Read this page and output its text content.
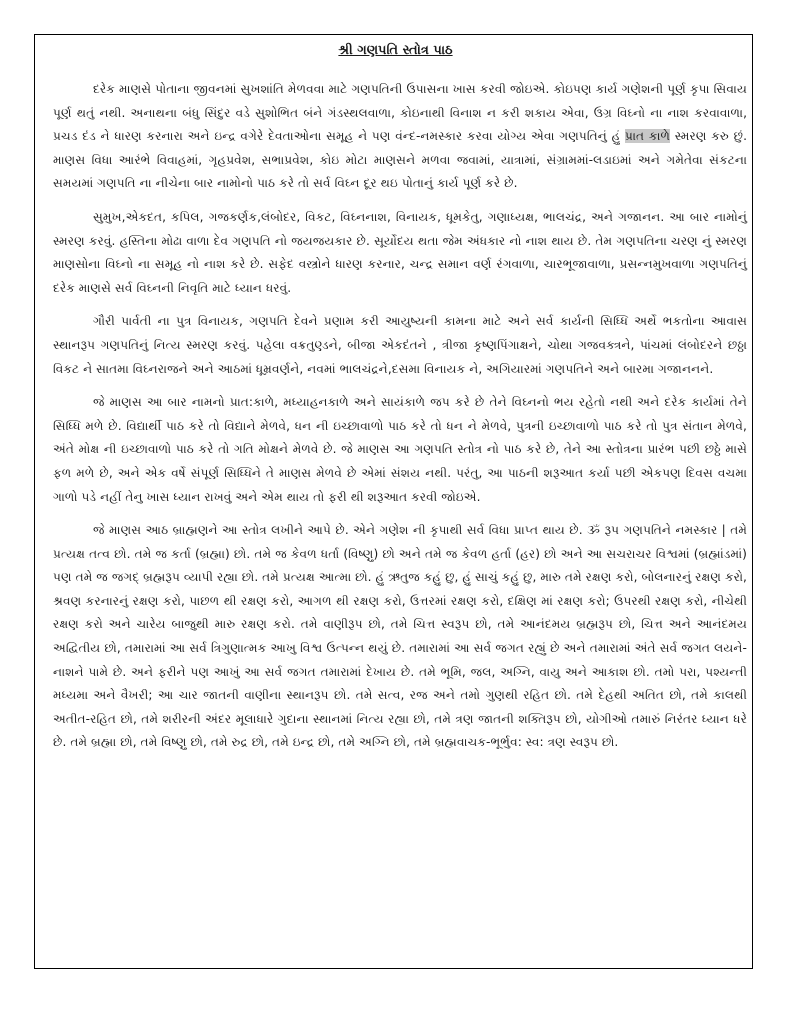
શ્રી ગણપતિ સ્તોત્ર પાઠ

દરેક માણસે પોતાના જીવનમાં સુખશાંતિ મેળવવા માટે ગણપતિની ઉપાસના ખાસ કરવી જોઇએ. કોઇપણ કાર્ય ગણેશની પૂર્ણ કૃપા સિવાય પૂર્ણ થતું નથી. અનાથના બંધુ સિંદુર વડે સુશોભિત બંને ગંડસ્થલવાળા, કોઇનાથી વિનાશ ન કરી શકાય એવા, ઉગ્ર વિઘ્નો ના નાશ કરવાવાળા, પ્રચડ દંડ ને ધારણ કરનારા અને ઇન્દ્ર વગેરે દેવતાઓના સમૂહ ને પણ વંન્દ-નમસ્કાર કરવા યોગ્ય એવા ગણપતિનું હું પ્રાત કાળે સ્મરણ કરુ છું. માણસ વિધા આરંભે વિવાહમાં, ગૃહપ્રવેશ, સભાપ્રવેશ, કોઇ મોટા માણસને મળવા જવામાં, યાત્રામાં, સંગ્રામમાં-લડાઇમાં અને ગમેતેવા સંકટના સમયમાં ગણપતિ ના નીચેના બાર નામોનો પાઠ કરે તો સર્વ વિઘ્ન દૂર થઇ પોતાનું કાર્ય પૂર્ણ કરે છે.

સુમુખ,એકદત, કપિલ, ગજકર્ણક,લંબોદર, વિકટ, વિઘ્નનાશ, વિનાયક, ધૂમકેતુ, ગણાધ્યક્ષ, ભાલચંદ્ર, અને ગજાનન. આ બાર નામોનું સ્મરણ કરવું. હસ્તિના મોઢા વાળા દેવ ગણપતિ નો જયજયકાર છે. સૂર્યોદય થતા જેમ અંધકાર નો નાશ થાય છે. તેમ ગણપતિના ચરણ નું સ્મરણ માણસોના વિઘ્નો ના સમૂહ નો નાશ કરે છે. સફેદ વસ્ત્રોને ધારણ કરનાર, ચન્દ્ર સમાન વર્ણ રંગવાળા, ચારભૂજાવાળા, પ્રસન્નમુખવાળા ગણપતિનું દરેક માણસે સર્વ વિઘ્નની નિવૃતિ માટે ધ્યાન ધરવું.

ગૌરી પાર્વતી ના પુત્ર વિનાયક, ગણપતિ દેવને પ્રણામ કરી આયુષ્યની કામના માટે અને સર્વ કાર્યની સિધ્ધિ અર્થે ભકતોના આવાસ સ્થાનરૂપ ગણપતિનું નિત્ય સ્મરણ કરવું. પહેલા વક્રતુણ્ડને, બીજા એકદંતને , ત્રીજા કૃષ્ણપિંગાક્ષને, ચોથા ગજવક્ત્રને, પાંચમાં લંબોદરને છઠ્ઠા વિકટ ને સાતમા વિઘ્નરાજને અને આઠમાં ધૂમ્રવર્ણને, નવમાં ભાલચંદ્રને,દસમા વિનાયક ને, અગિયારમાં ગણપતિને અને બારમા ગજાનનને.

જે માણસ આ બાર નામનો પ્રાત:કાળે, મધ્યાહનકાળે અને સાયંકાળે જપ કરે છે તેને વિઘ્નનો ભય રહેતો નથી અને દરેક કાર્યમાં તેને સિધ્ધિ મળે છે. વિદ્યાર્થી પાઠ કરે તો વિદ્યાને મેળવે, ધન ની ઇચ્છાવાળો પાઠ કરે તો ધન ને મેળવે, પુત્રની ઇચ્છાવાળો પાઠ કરે તો પુત્ર સંતાન મેળવે, અંતે મોક્ષ ની ઇચ્છાવાળો પાઠ કરે તો ગતિ મોક્ષને મેળવે છે. જે માણસ આ ગણપતિ સ્તોત્ર નો પાઠ કરે છે, તેને આ સ્તોત્રના પ્રારંભ પછી છઠ્ઠે માસે ફળ મળે છે, અને એક વર્ષે સંપૂર્ણ સિધ્ધિને તે માણસ મેળવે છે એમાં સંશય નથી. પરંતુ, આ પાઠની શરૂઆત કર્યા પછી એકપણ દિવસ વચમા ગાળો પડે નહીં તેનુ ખાસ ધ્યાન રાખવું અને એમ થાય તો ફરી થી શરૂઆત કરવી જોઇએ.

જે માણસ આઠ બ્રાહ્મણને આ સ્તોત્ર લખીને આપે છે. એને ગણેશ ની કૃપાથી સર્વ વિધા પ્રાપ્ત થાય છે. ૐ રૂપ ગણપતિને નમસ્કાર | તમે પ્રત્યક્ષ તત્વ છો. તમે જ કર્તા (બ્રહ્મા) છો. તમે જ કેવળ ધર્તા (વિષ્ણુ) છો અને તમે જ કેવળ હર્તા (હર) છો અને આ સચરાચર વિશ્વમાં (બ્રહ્માંડમાં) પણ તમે જ જગદ્ બ્રહ્મરૂપ વ્યાપી રહ્યા છો. તમે પ્રત્યક્ષ આત્મા છો. હું ઋતુજ કહું છુ, હું સાચું કહું છુ, મારુ તમે રક્ષણ કરો, બોલનારનું રક્ષણ કરો, શ્રવણ કરનારનું રક્ષણ કરો, પાછળ થી રક્ષણ કરો, આગળ થી રક્ષણ કરો, ઉત્તરમાં રક્ષણ કરો, દક્ષિણ માં રક્ષણ કરો; ઉપરથી રક્ષણ કરો, નીચેથી રક્ષણ કરો અને ચારેય બાજુથી મારુ રક્ષણ કરો. તમે વાણીરૂપ છો, તમે ચિત્ત સ્વરૂપ છો, તમે આનંદમય બ્રહ્મરૂપ છો, ચિત્ત અને આનંદમય અદ્વિતીય છો, તમારામાં આ સર્વ ત્રિગુણાત્મક આખુ વિશ્વ ઉત્પન્ન થયું છે. તમારામાં આ સર્વ જગત રહ્યું છે અને તમારામાં અંતે સર્વ જગત લયને-નાશને પામે છે. અને ફરીને પણ આખું આ સર્વ જગત તમારામાં દેખાય છે. તમે ભૂમિ, જલ, અગ્નિ, વાયુ અને આકાશ છો. તમો પરા, પશ્યન્તી મધ્યમા અને વૈખરી; આ ચાર જાતની વાણીના સ્થાનરૂપ છો. તમે સત્વ, રજ અને તમો ગુણથી રહિત છો. તમે દેહથી અતિત છો, તમે કાલથી અતીત-રહિત છો, તમે શરીરની અંદર મૂલાધારે ગુદાના સ્થાનમાં નિત્ય રહ્યા છો, તમે ત્રણ જાતની શક્તિરૂપ છો, યોગીઓ તમારું નિરંતર ધ્યાન ધરે છે. તમે બ્રહ્મા છો, તમે વિષ્ણુ છો, તમે રુદ્ર છો, તમે ઇન્દ્ર છો, તમે અગ્નિ છો, તમે બ્રહ્મવાચક-ભૂર્ભુવ: સ્વ: ત્રણ સ્વરૂપ છો.
